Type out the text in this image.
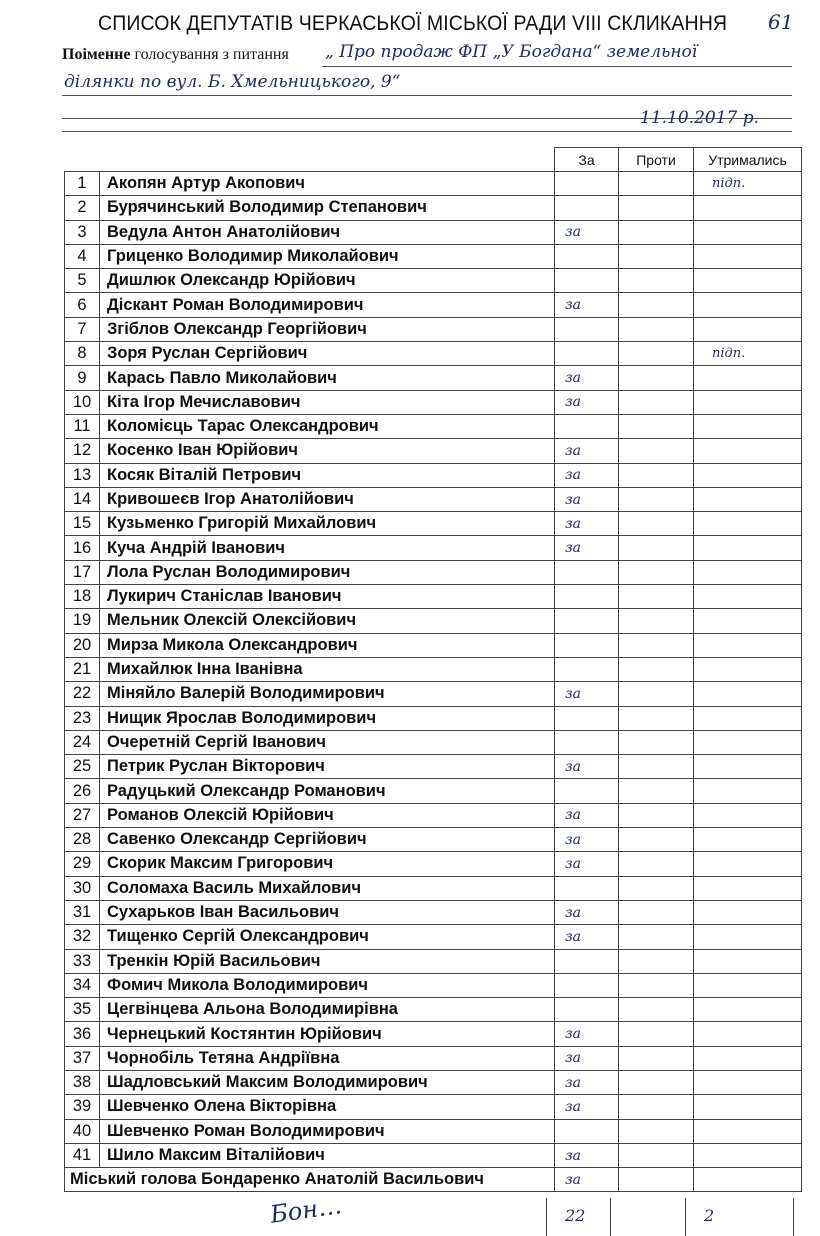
СПИСОК ДЕПУТАТІВ ЧЕРКАСЬКОЇ МІСЬКОЇ РАДИ VIII СКЛИКАННЯ 61
Поіменне голосування з питання „ Про продаж ФП „У Богдана“ земельної
ділянки по вул. Б. Хмельницького, 9“
11.10.2017 р.
		За	Проти	Утримались
1	Акопян Артур Акопович			підп.

2	Бурячинський Володимир Степанович			
3	Ведула Антон Анатолійович	за		

4	Гриценко Володимир Миколайович			
5	Дишлюк Олександр Юрійович			
6	Діскант Роман Володимирович	за		

7	Згіблов Олександр Георгійович			
8	Зоря Руслан Сергійович			підп.

9	Карась Павло Миколайович	за		

10	Кіта Ігор Мечиславович	за		

11	Коломієць Тарас Олександрович			
12	Косенко Іван Юрійович	за		

13	Косяк Віталій Петрович	за		

14	Кривошеєв Ігор Анатолійович	за		

15	Кузьменко Григорій Михайлович	за		

16	Куча Андрій Іванович	за		

17	Лола Руслан Володимирович			
18	Лукирич Станіслав Іванович			
19	Мельник Олексій Олексійович			
20	Мирза Микола Олександрович			
21	Михайлюк Інна Іванівна			
22	Міняйло Валерій Володимирович	за		

23	Нищик Ярослав Володимирович			
24	Очеретній Сергій Іванович			
25	Петрик Руслан Вікторович	за		

26	Радуцький Олександр Романович			
27	Романов Олексій Юрійович	за		

28	Савенко Олександр Сергійович	за		

29	Скорик Максим Григорович	за		

30	Соломаха Василь Михайлович			
31	Сухарьков Іван Васильович	за		

32	Тищенко Сергій Олександрович	за		

33	Тренкін Юрій Васильович			
34	Фомич Микола Володимирович			
35	Цегвінцева Альона Володимирівна			
36	Чернецький Костянтин Юрійович	за		

37	Чорнобіль Тетяна Андріївна	за		

38	Шадловський Максим Володимирович	за		

39	Шевченко Олена Вікторівна	за		

40	Шевченко Роман Володимирович			
41	Шило Максим Віталійович	за		

Міський голова Бондаренко Анатолій Васильович		за		

22	2
Бон…
